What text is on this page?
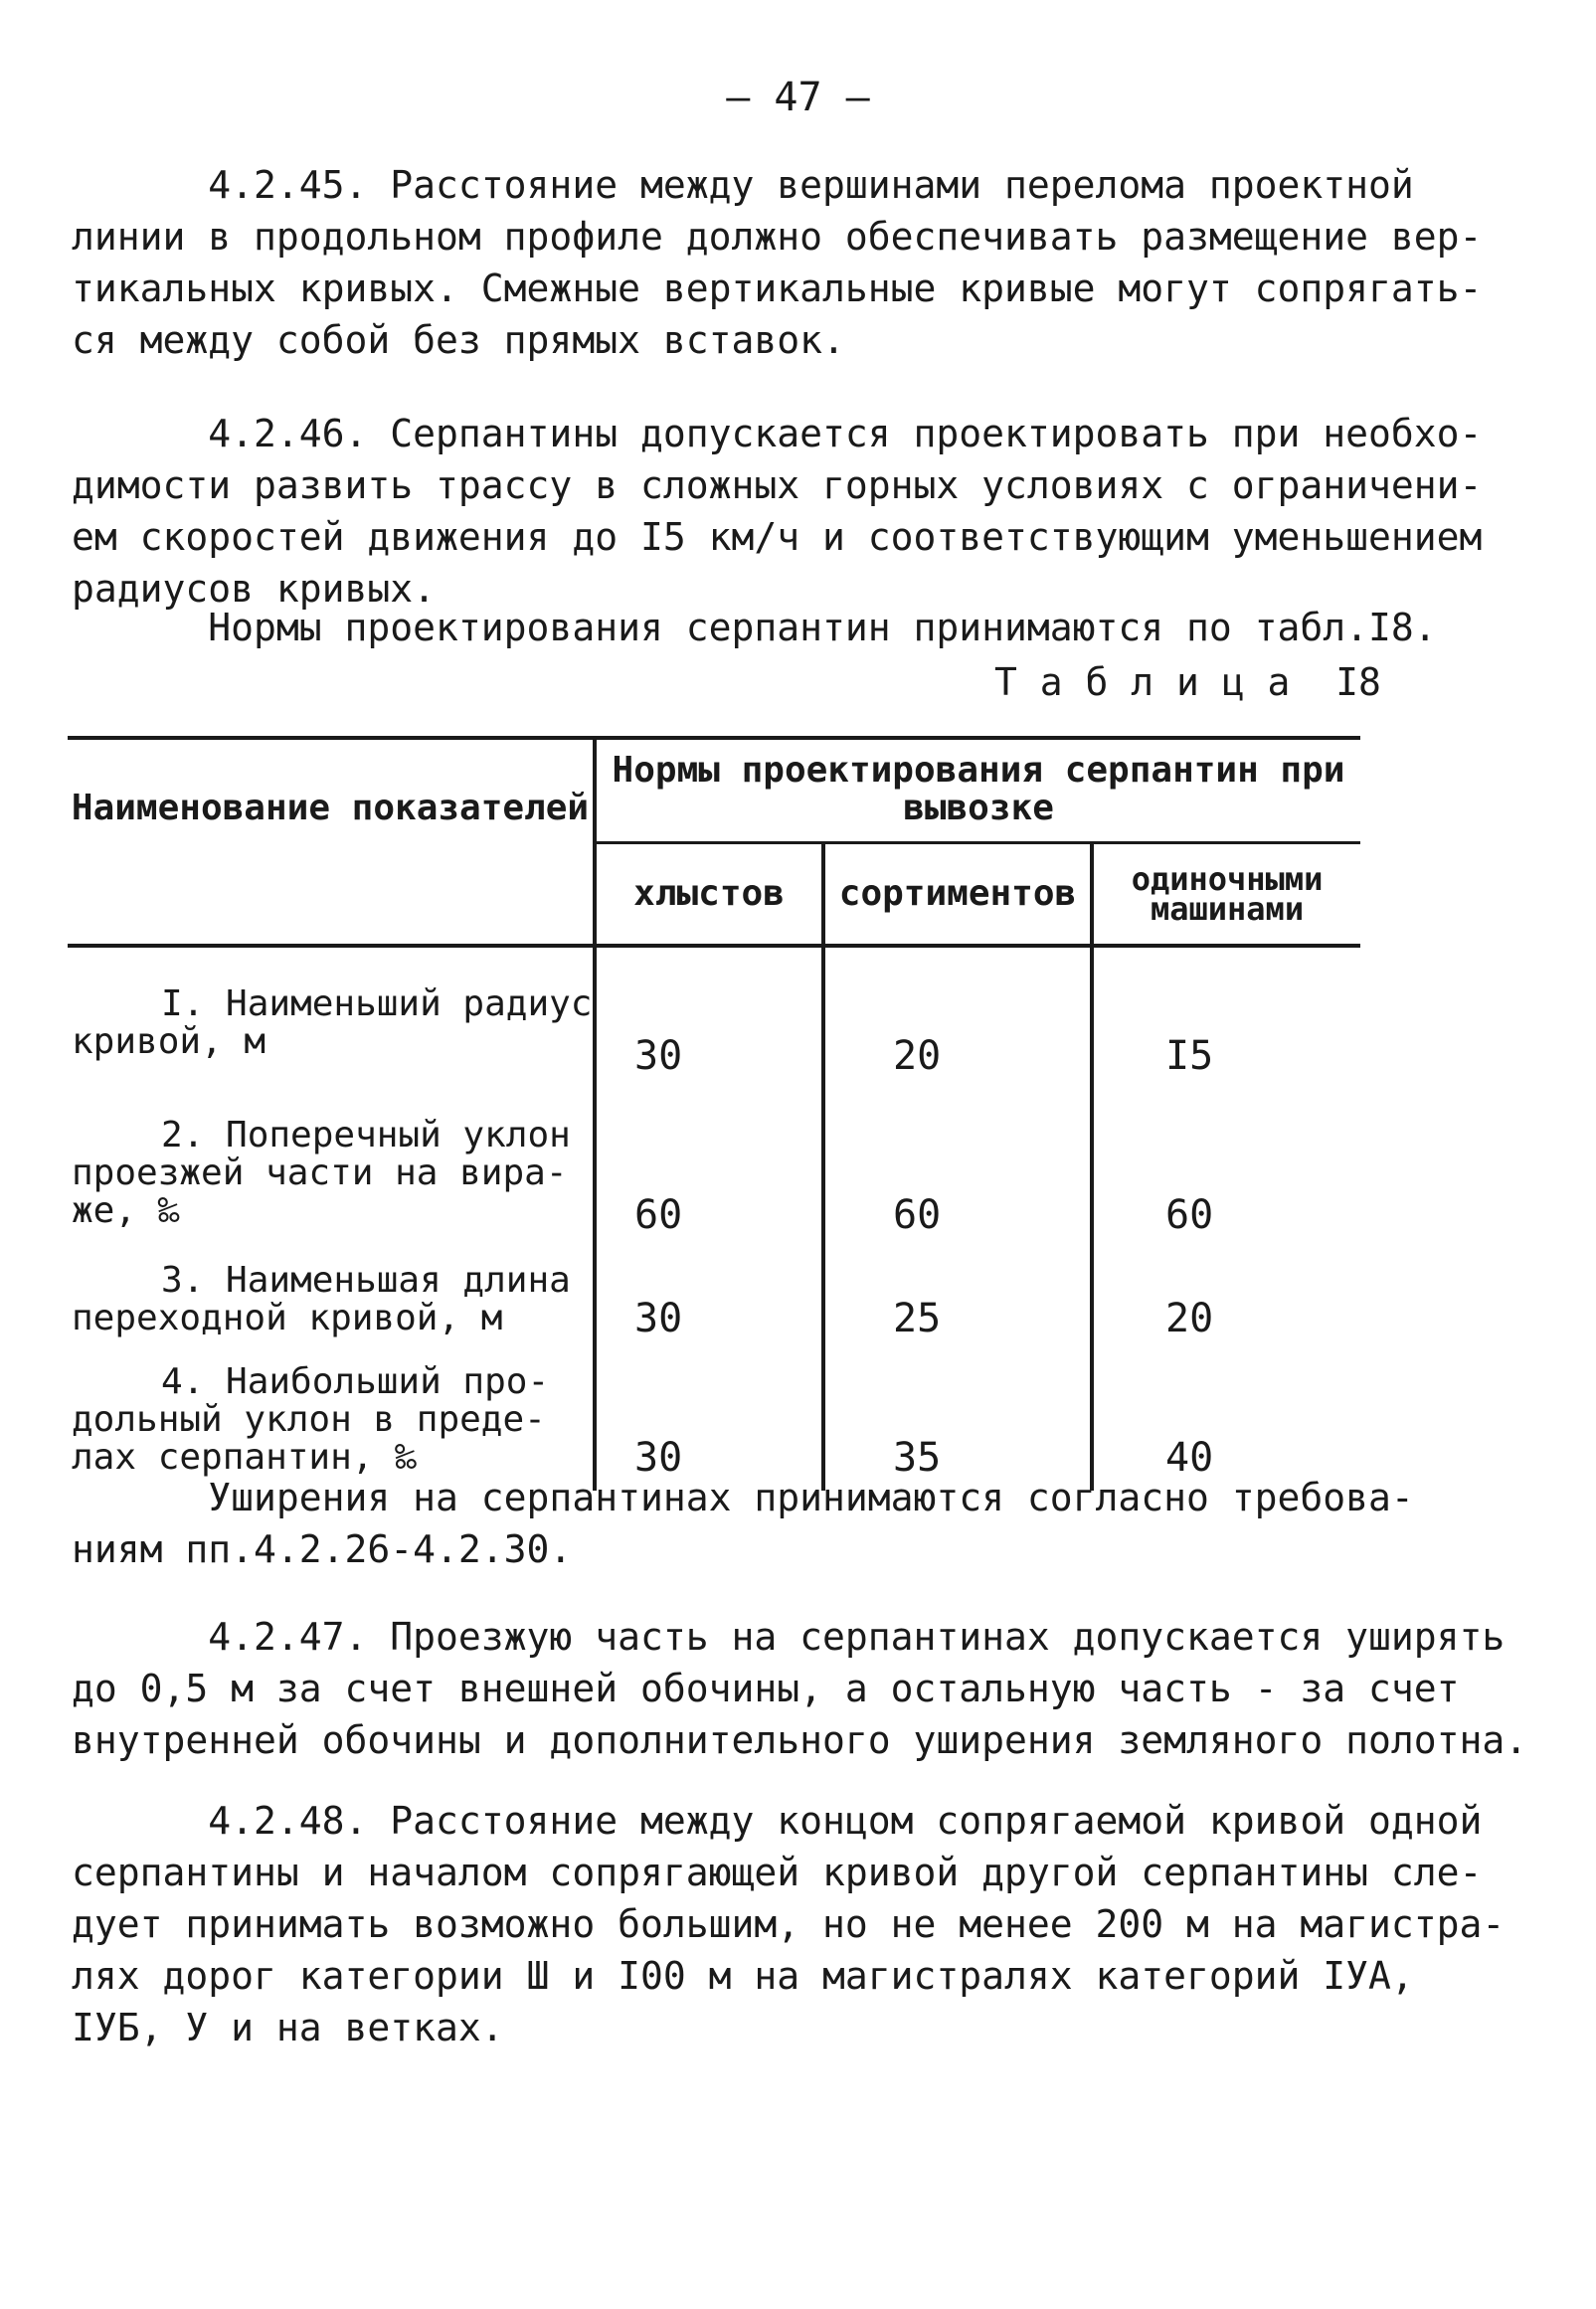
— 47 —
4.2.45. Расстояние между вершинами перелома проектной
линии в продольном профиле должно обеспечивать размещение вер-
тикальных кривых. Смежные вертикальные кривые могут сопрягать-
ся между собой без прямых вставок.
4.2.46. Серпантины допускается проектировать при необхо-
димости развить трассу в сложных горных условиях с ограничени-
ем скоростей движения до I5 км/ч и соответствующим уменьшением
радиусов кривых.
Нормы проектирования серпантин принимаются по табл.I8.
Т а б л и ц а  I8
Наименование показателей	Нормы проектирования серпантин при вывозке		
	хлыстов	сортиментов	одиночными машинами

I. Наименьший радиус
кривой, м	30	20	I5

2. Поперечный уклон
проезжей части на вира-
же, ‰	60	60	60

3. Наименьшая длина
переходной кривой, м	30	25	20

4. Наибольший про-
дольный уклон в преде-
лах серпантин, ‰	30	35	40
Уширения на серпантинах принимаются согласно требова-
ниям пп.4.2.26-4.2.30.
4.2.47. Проезжую часть на серпантинах допускается уширять
до 0,5 м за счет внешней обочины, а остальную часть - за счет
внутренней обочины и дополнительного уширения земляного полотна.
4.2.48. Расстояние между концом сопрягаемой кривой одной
серпантины и началом сопрягающей кривой другой серпантины сле-
дует принимать возможно большим, но не менее 200 м на магистра-
лях дорог категории Ш и I00 м на магистралях категорий IУА,
IУБ, У и на ветках.
